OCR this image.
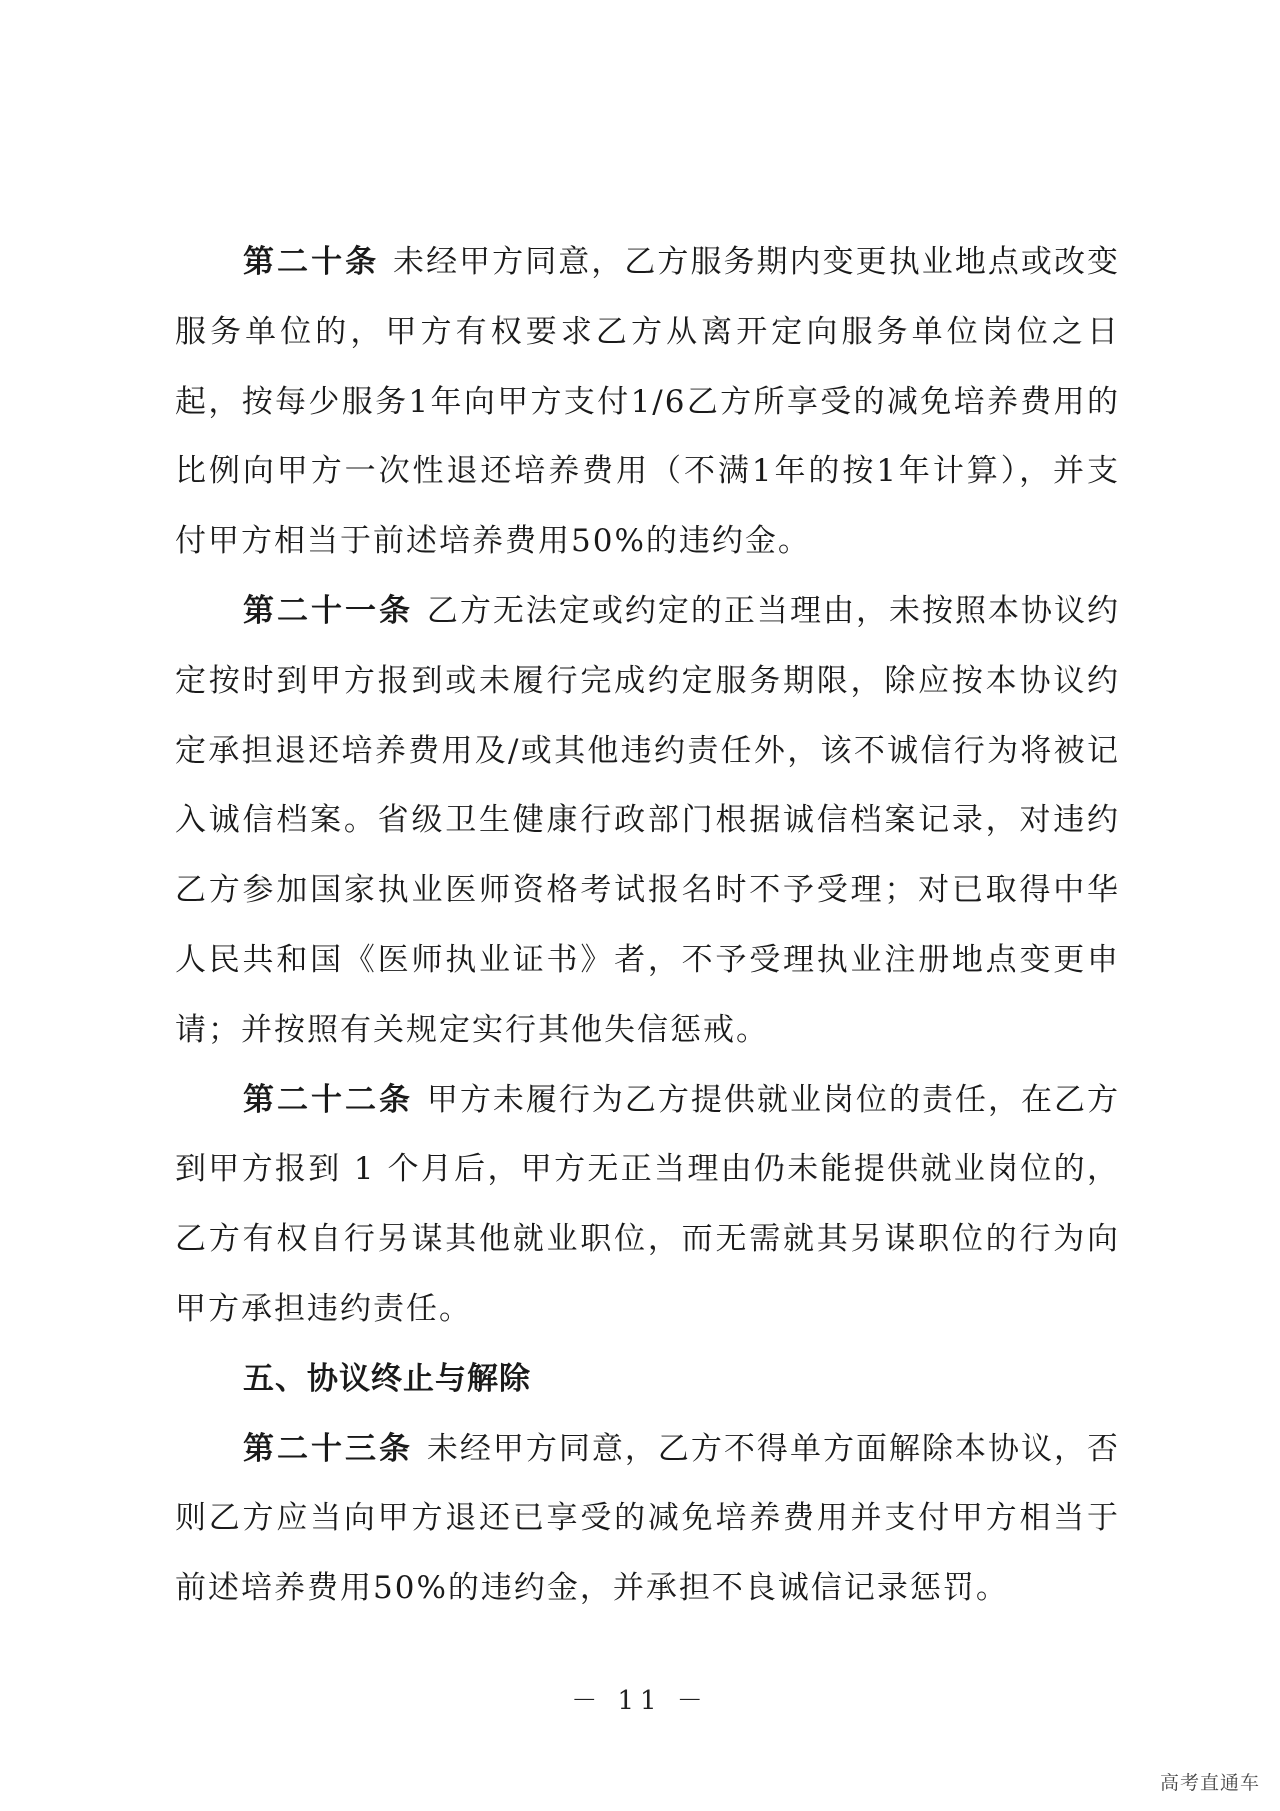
第二十条 未经甲方同意，乙方服务期内变更执业地点或改变服务单位的，甲方有权要求乙方从离开定向服务单位岗位之日起，按每少服务1年向甲方支付1/6乙方所享受的减免培养费用的比例向甲方一次性退还培养费用（不满1年的按1年计算），并支付甲方相当于前述培养费用50%的违约金。

第二十一条 乙方无法定或约定的正当理由，未按照本协议约定按时到甲方报到或未履行完成约定服务期限，除应按本协议约定承担退还培养费用及/或其他违约责任外，该不诚信行为将被记入诚信档案。省级卫生健康行政部门根据诚信档案记录，对违约乙方参加国家执业医师资格考试报名时不予受理；对已取得中华人民共和国《医师执业证书》者，不予受理执业注册地点变更申请；并按照有关规定实行其他失信惩戒。

第二十二条 甲方未履行为乙方提供就业岗位的责任，在乙方到甲方报到 1 个月后，甲方无正当理由仍未能提供就业岗位的，乙方有权自行另谋其他就业职位，而无需就其另谋职位的行为向甲方承担违约责任。

五、协议终止与解除

第二十三条 未经甲方同意，乙方不得单方面解除本协议，否则乙方应当向甲方退还已享受的减免培养费用并支付甲方相当于前述培养费用50%的违约金，并承担不良诚信记录惩罚。

－ 11 －
高考直通车
